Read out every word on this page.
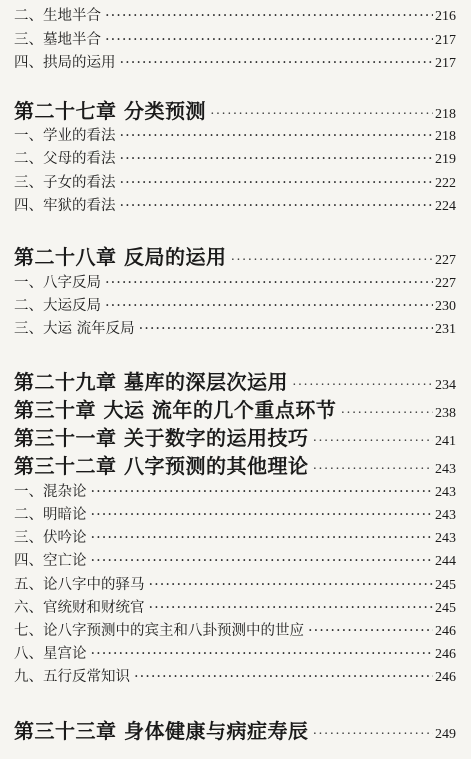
二、生地半合 ·····	216
三、墓地半合 ·····	217
四、拱局的运用 ·····	217
第二十七章 分类预测 ·····	218
一、学业的看法 ·····	218
二、父母的看法 ·····	219
三、子女的看法 ·····	222
四、牢狱的看法 ·····	224
第二十八章 反局的运用 ·····	227
一、八字反局 ·····	227
二、大运反局 ·····	230
三、大运 流年反局 ·····	231
第二十九章 墓库的深层次运用 ·····	234
第三十章 大运 流年的几个重点环节 ·····	238
第三十一章 关于数字的运用技巧 ·····	241
第三十二章 八字预测的其他理论 ·····	243
一、混杂论 ·····	243
二、明暗论 ·····	243
三、伏吟论 ·····	243
四、空亡论 ·····	244
五、论八字中的驿马 ·····	245
六、官统财和财统官 ·····	245
七、论八字预测中的宾主和八卦预测中的世应 ·····	246
八、星宫论 ·····	246
九、五行反常知识 ·····	246
第三十三章 身体健康与病症寿辰 ·····	249
